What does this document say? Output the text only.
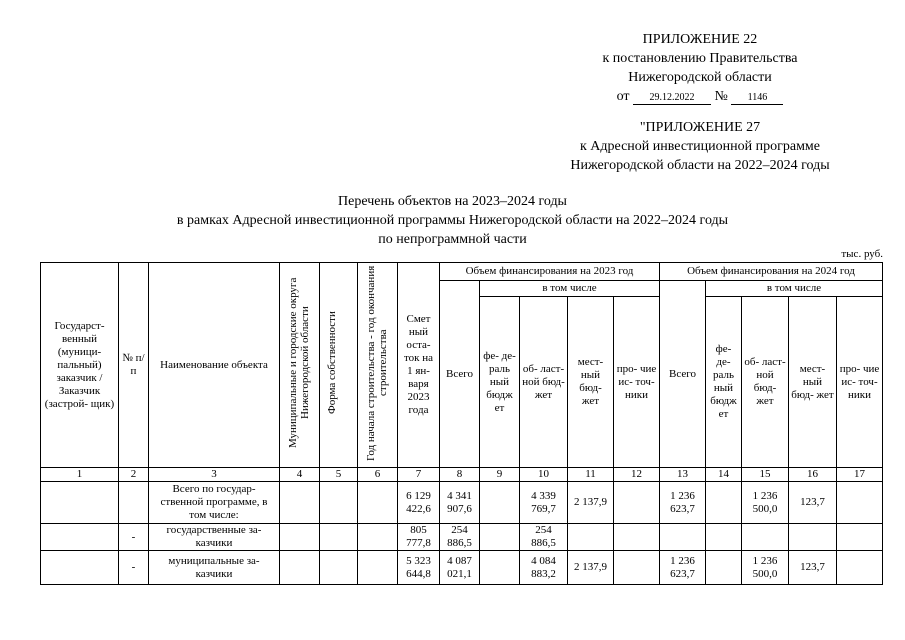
ПРИЛОЖЕНИЕ 22
к постановлению Правительства
Нижегородской области
от 29.12.2022 № 1146
"ПРИЛОЖЕНИЕ 27
к Адресной инвестиционной программе
Нижегородской области на 2022–2024 годы
Перечень объектов на 2023–2024 годы
в рамках Адресной инвестиционной программы Нижегородской области на 2022–2024 годы
по непрограммной части
тыс. руб.
Государст- венный (муници- пальный) заказчик / Заказчик (застрой- щик)	№ п/п	Наименование объекта	Муниципальные и городские округа Нижегородской области	Форма собственности	Год начала строительства - год окончания строительства	Смет ный оста- ток на 1 ян- варя 2023 года	Объем финансирования на 2023 год					Объем финансирования на 2024 год				
							Всего	в том числе				Всего	в том числе			
								фе- де- раль ный бюдж ет	об- ласт- ной бюд- жет	мест- ный бюд- жет	про- чие ис- точ- ники		фе- де- раль ный бюдж ет	об- ласт- ной бюд- жет	мест- ный бюд- жет	про- чие ис- точ- ники
1	2	3	4	5	6	7	8	9	10	11	12	13	14	15	16	17
		Всего по государ- ственной программе, в том числе:				6 129 422,6	4 341 907,6		4 339 769,7	2 137,9		1 236 623,7		1 236 500,0	123,7	
	-	государственные за- казчики				805 777,8	254 886,5		254 886,5							
	-	муниципальные за- казчики				5 323 644,8	4 087 021,1		4 084 883,2	2 137,9		1 236 623,7		1 236 500,0	123,7	
